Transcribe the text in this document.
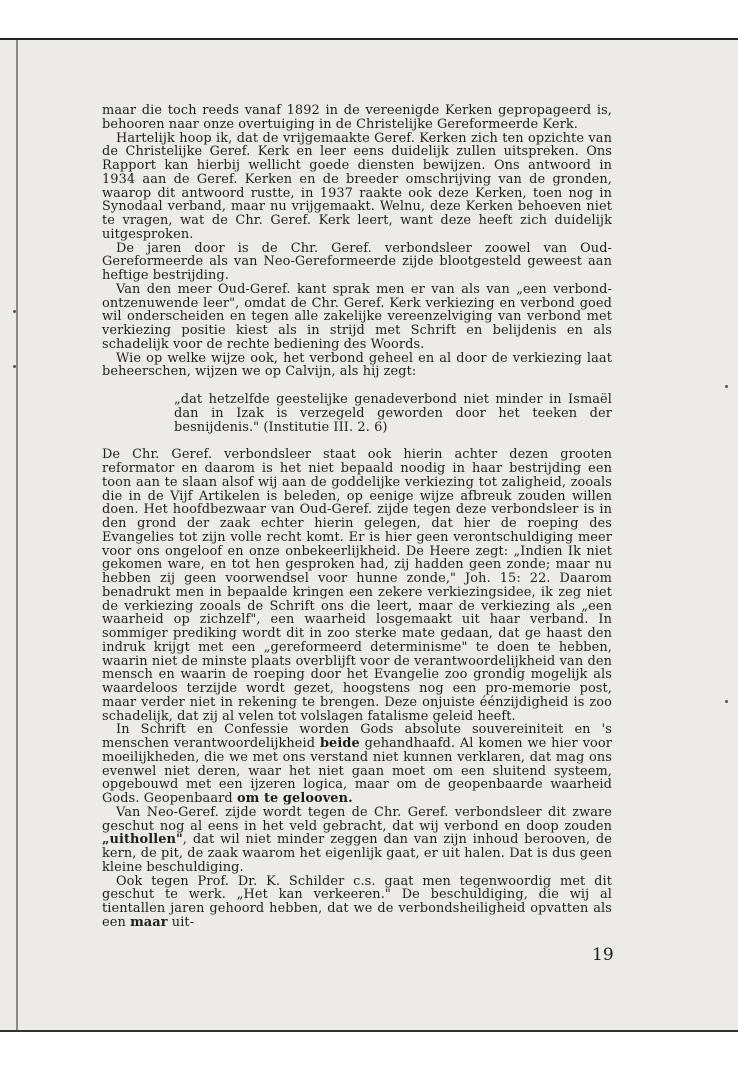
maar die toch reeds vanaf 1892 in de vereenigde Kerken gepropageerd is, behooren naar onze overtuiging in de Christelijke Gereformeerde Kerk.

Hartelijk hoop ik, dat de vrijgemaakte Geref. Kerken zich ten opzichte van de Christelijke Geref. Kerk en leer eens duidelijk zullen uitspreken. Ons Rapport kan hierbij wellicht goede diensten bewijzen. Ons antwoord in 1934 aan de Geref. Kerken en de breeder omschrijving van de gronden, waarop dit antwoord rustte, in 1937 raakte ook deze Kerken, toen nog in Synodaal verband, maar nu vrijgemaakt. Welnu, deze Kerken behoeven niet te vragen, wat de Chr. Geref. Kerk leert, want deze heeft zich duidelijk uitgesproken.

De jaren door is de Chr. Geref. verbondsleer zoowel van Oud-Gereformeerde als van Neo-Gereformeerde zijde blootgesteld geweest aan heftige bestrijding.

Van den meer Oud-Geref. kant sprak men er van als van „een verbond-ontzenuwende leer", omdat de Chr. Geref. Kerk verkiezing en verbond goed wil onderscheiden en tegen alle zakelijke vereenzelviging van verbond met verkiezing positie kiest als in strijd met Schrift en belijdenis en als schadelijk voor de rechte bediening des Woords.

Wie op welke wijze ook, het verbond geheel en al door de verkiezing laat beheerschen, wijzen we op Calvijn, als hij zegt:

„dat hetzelfde geestelijke genadeverbond niet minder in Ismaël dan in Izak is verzegeld geworden door het teeken der besnijdenis." (Institutie III. 2. 6)

De Chr. Geref. verbondsleer staat ook hierin achter dezen grooten reformator en daarom is het niet bepaald noodig in haar bestrijding een toon aan te slaan alsof wij aan de goddelijke verkiezing tot zaligheid, zooals die in de Vijf Artikelen is beleden, op eenige wijze afbreuk zouden willen doen. Het hoofdbezwaar van Oud-Geref. zijde tegen deze verbondsleer is in den grond der zaak echter hierin gelegen, dat hier de roeping des Evangelies tot zijn volle recht komt. Er is hier geen verontschuldiging meer voor ons ongeloof en onze onbekeerlijkheid. De Heere zegt: „Indien Ik niet gekomen ware, en tot hen gesproken had, zij hadden geen zonde; maar nu hebben zij geen voorwendsel voor hunne zonde," Joh. 15: 22. Daarom benadrukt men in bepaalde kringen een zekere verkiezingsidee, ik zeg niet de verkiezing zooals de Schrift ons die leert, maar de verkiezing als „een waarheid op zichzelf", een waarheid losgemaakt uit haar verband. In sommiger prediking wordt dit in zoo sterke mate gedaan, dat ge haast den indruk krijgt met een „gereformeerd determinisme" te doen te hebben, waarin niet de minste plaats overblijft voor de verantwoordelijkheid van den mensch en waarin de roeping door het Evangelie zoo grondig mogelijk als waardeloos terzijde wordt gezet, hoogstens nog een pro-memorie post, maar verder niet in rekening te brengen. Deze onjuiste éénzijdigheid is zoo schadelijk, dat zij al velen tot volslagen fatalisme geleid heeft.

In Schrift en Confessie worden Gods absolute souvereiniteit en 's menschen verantwoordelijkheid beide gehandhaafd. Al komen we hier voor moeilijkheden, die we met ons verstand niet kunnen verklaren, dat mag ons evenwel niet deren, waar het niet gaan moet om een sluitend systeem, opgebouwd met een ijzeren logica, maar om de geopenbaarde waarheid Gods. Geopenbaard om te gelooven.

Van Neo-Geref. zijde wordt tegen de Chr. Geref. verbondsleer dit zware geschut nog al eens in het veld gebracht, dat wij verbond en doop zouden „uithollen", dat wil niet minder zeggen dan van zijn inhoud berooven, de kern, de pit, de zaak waarom het eigenlijk gaat, er uit halen. Dat is dus geen kleine beschuldiging.

Ook tegen Prof. Dr. K. Schilder c.s. gaat men tegenwoordig met dit geschut te werk. „Het kan verkeeren." De beschuldiging, die wij al tientallen jaren gehoord hebben, dat we de verbondsheiligheid opvatten als een maar uit-

19
